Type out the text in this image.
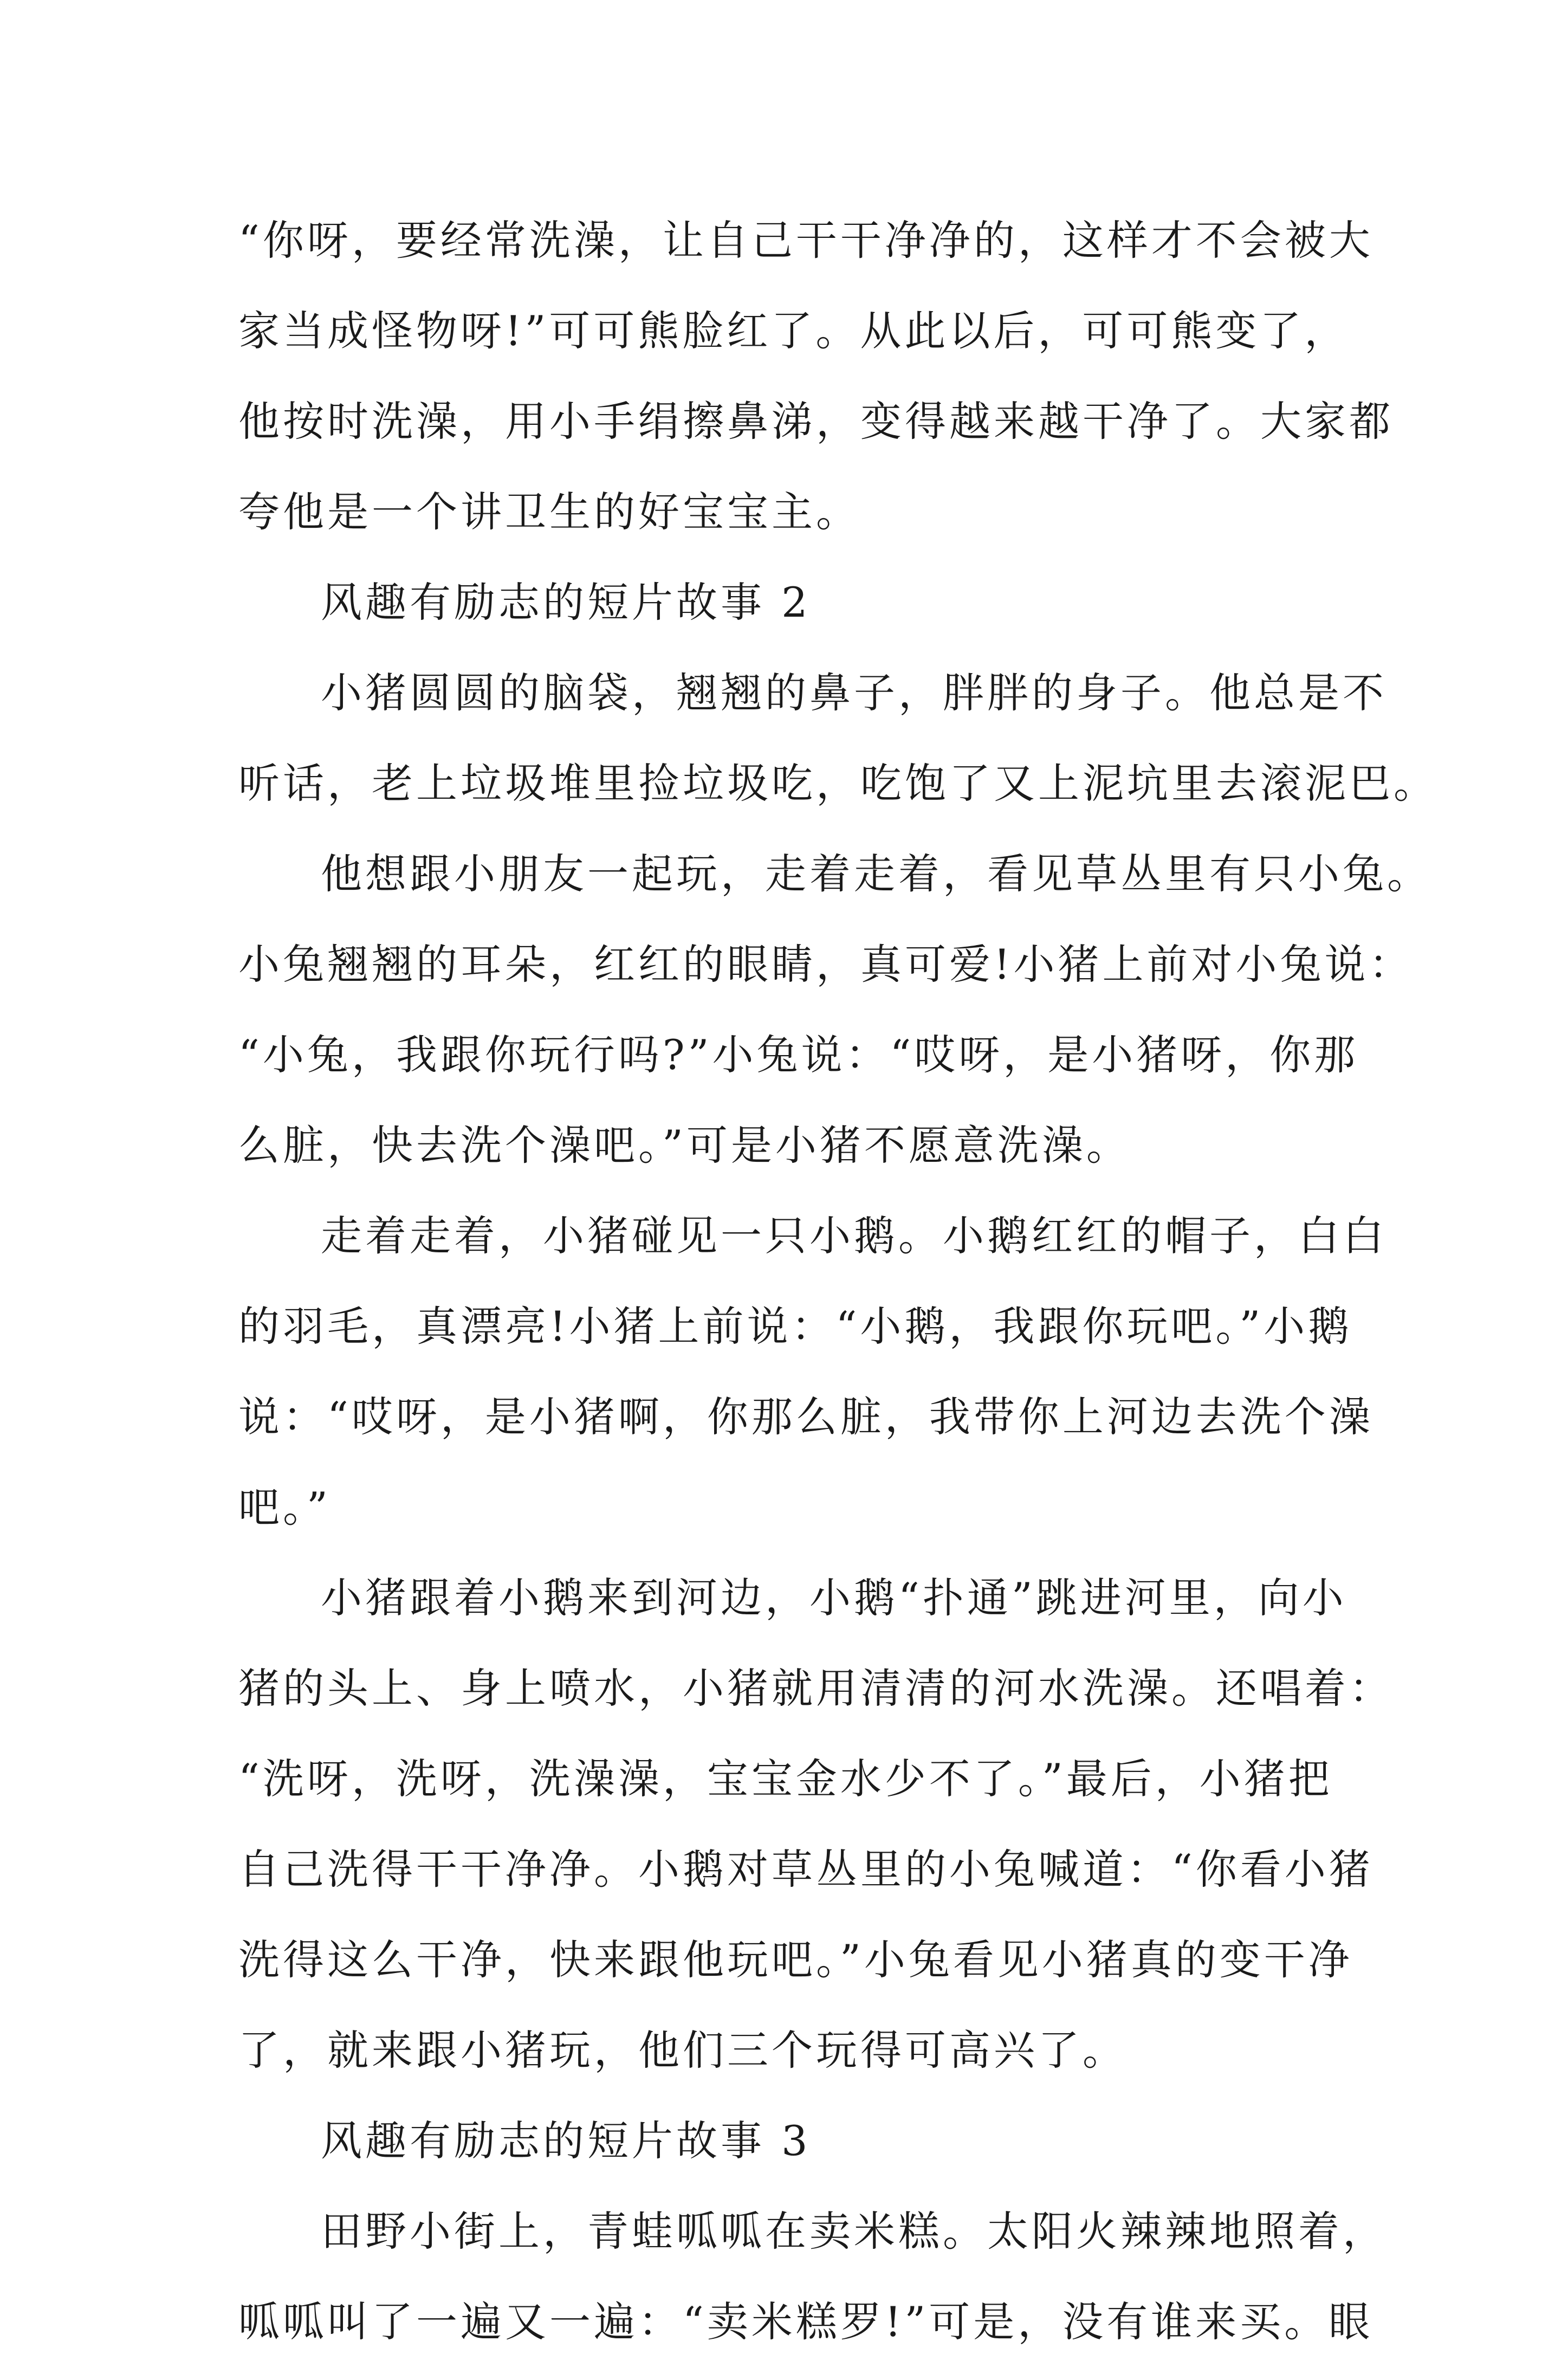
“你呀，要经常洗澡，让自己干干净净的，这样才不会被大
家当成怪物呀!”可可熊脸红了。从此以后，可可熊变了，
他按时洗澡，用小手绢擦鼻涕，变得越来越干净了。大家都
夸他是一个讲卫生的好宝宝主。
风趣有励志的短片故事 2
小猪圆圆的脑袋，翘翘的鼻子，胖胖的身子。他总是不
听话，老上垃圾堆里捡垃圾吃，吃饱了又上泥坑里去滚泥巴。
他想跟小朋友一起玩，走着走着，看见草丛里有只小兔。
小兔翘翘的耳朵，红红的眼睛，真可爱!小猪上前对小兔说：
“小兔，我跟你玩行吗?”小兔说：“哎呀，是小猪呀，你那
么脏，快去洗个澡吧。”可是小猪不愿意洗澡。
走着走着，小猪碰见一只小鹅。小鹅红红的帽子，白白
的羽毛，真漂亮!小猪上前说：“小鹅，我跟你玩吧。”小鹅
说：“哎呀，是小猪啊，你那么脏，我带你上河边去洗个澡
吧。”
小猪跟着小鹅来到河边，小鹅“扑通”跳进河里，向小
猪的头上、身上喷水，小猪就用清清的河水洗澡。还唱着：
“洗呀，洗呀，洗澡澡，宝宝金水少不了。”最后，小猪把
自己洗得干干净净。小鹅对草丛里的小兔喊道：“你看小猪
洗得这么干净，快来跟他玩吧。”小兔看见小猪真的变干净
了，就来跟小猪玩，他们三个玩得可高兴了。
风趣有励志的短片故事 3
田野小街上，青蛙呱呱在卖米糕。太阳火辣辣地照着，
呱呱叫了一遍又一遍：“卖米糕罗!”可是，没有谁来买。眼
